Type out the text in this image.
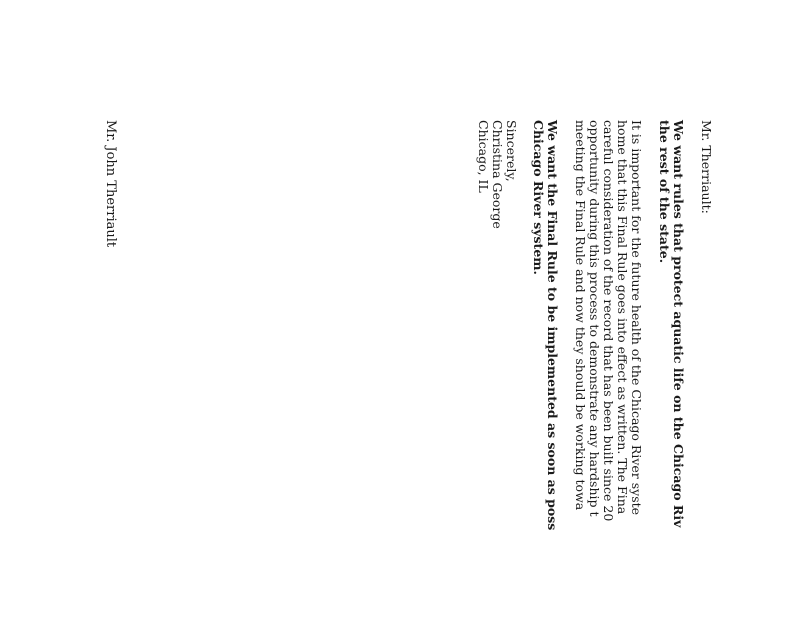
Mr. Therriault:
We want rules that protect aquatic life on the Chicago Riv
the rest of the state.
It is important for the future health of the Chicago River syste
home that this Final Rule goes into effect as written. The Fina
careful consideration of the record that has been built since 20
opportunity during this process to demonstrate any hardship t
meeting the Final Rule and now they should be working towa
We want the Final Rule to be implemented as soon as poss
Chicago River system.
Sincerely,
Christina George
Chicago, IL
Mr. John Therriault
